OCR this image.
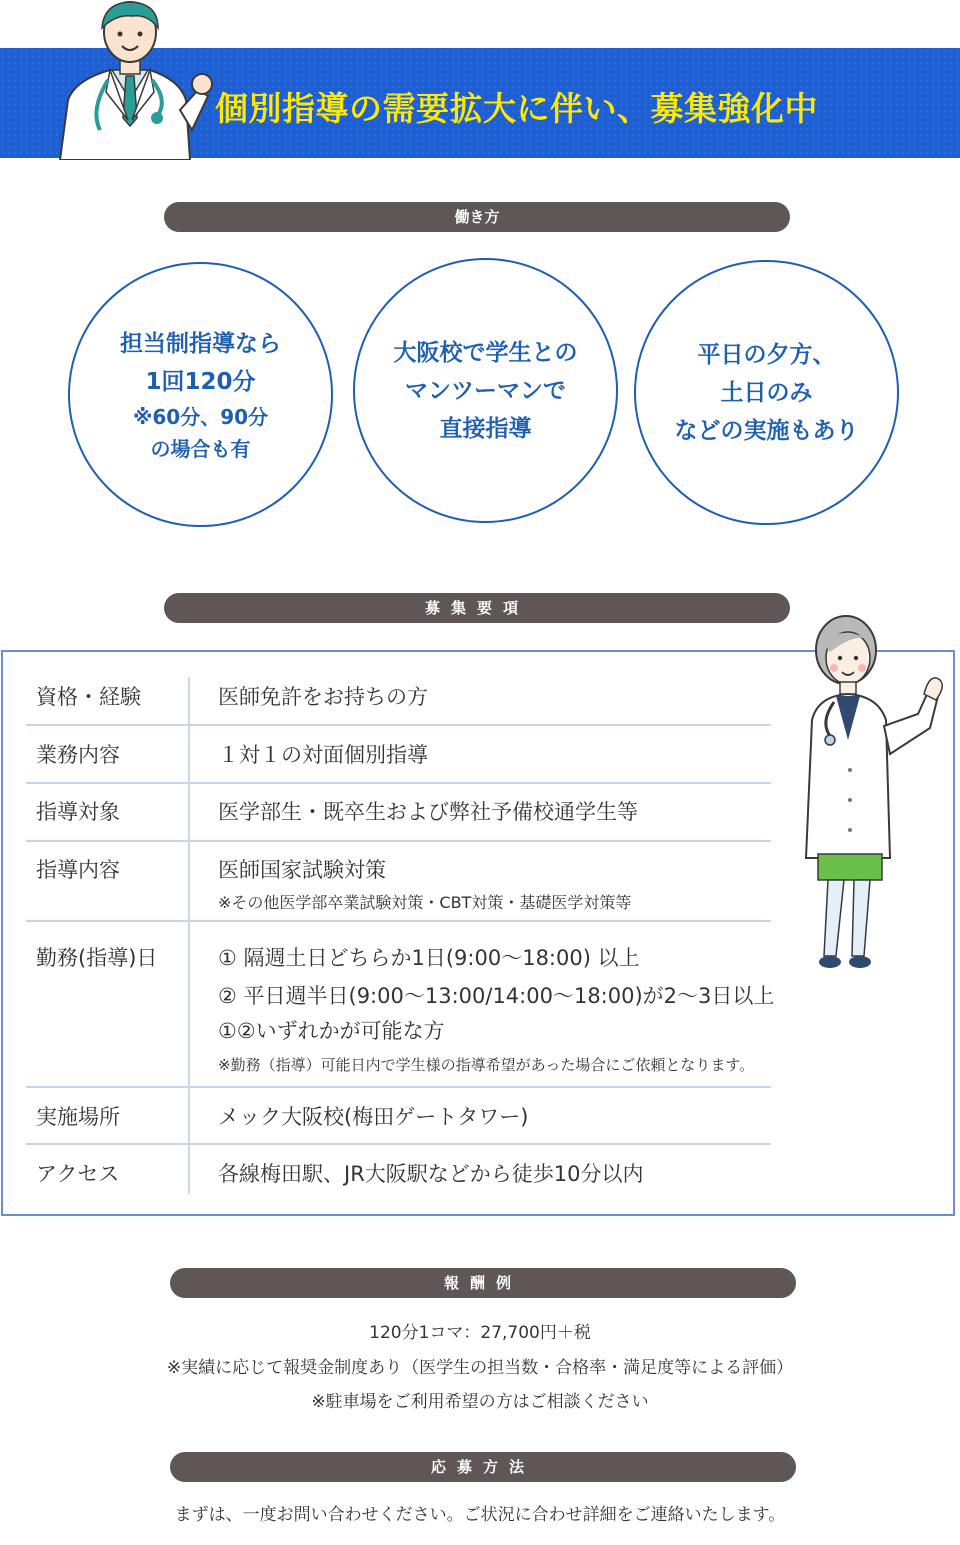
個別指導の需要拡大に伴い、募集強化中
働き方
担当制指導なら
1回120分
※60分、90分
の場合も有
大阪校で学生との
マンツーマンで
直接指導
平日の夕方、
土日のみ
などの実施もあり
募集要項
資格・経験	医師免許をお持ちの方
業務内容	１対１の対面個別指導
指導対象	医学部生・既卒生および弊社予備校通学生等
指導内容	医師国家試験対策
※その他医学部卒業試験対策・CBT対策・基礎医学対策等
勤務(指導)日	① 隔週土日どちらか1日(9:00～18:00) 以上
② 平日週半日(9:00～13:00/14:00～18:00)が2～3日以上
①②いずれかが可能な方
※勤務（指導）可能日内で学生様の指導希望があった場合にご依頼となります。
実施場所	メック大阪校(梅田ゲートタワー)
アクセス	各線梅田駅、JR大阪駅などから徒歩10分以内
報酬例
120分1コマ：27,700円＋税
※実績に応じて報奨金制度あり（医学生の担当数・合格率・満足度等による評価）
※駐車場をご利用希望の方はご相談ください
応募方法
まずは、一度お問い合わせください。ご状況に合わせ詳細をご連絡いたします。
